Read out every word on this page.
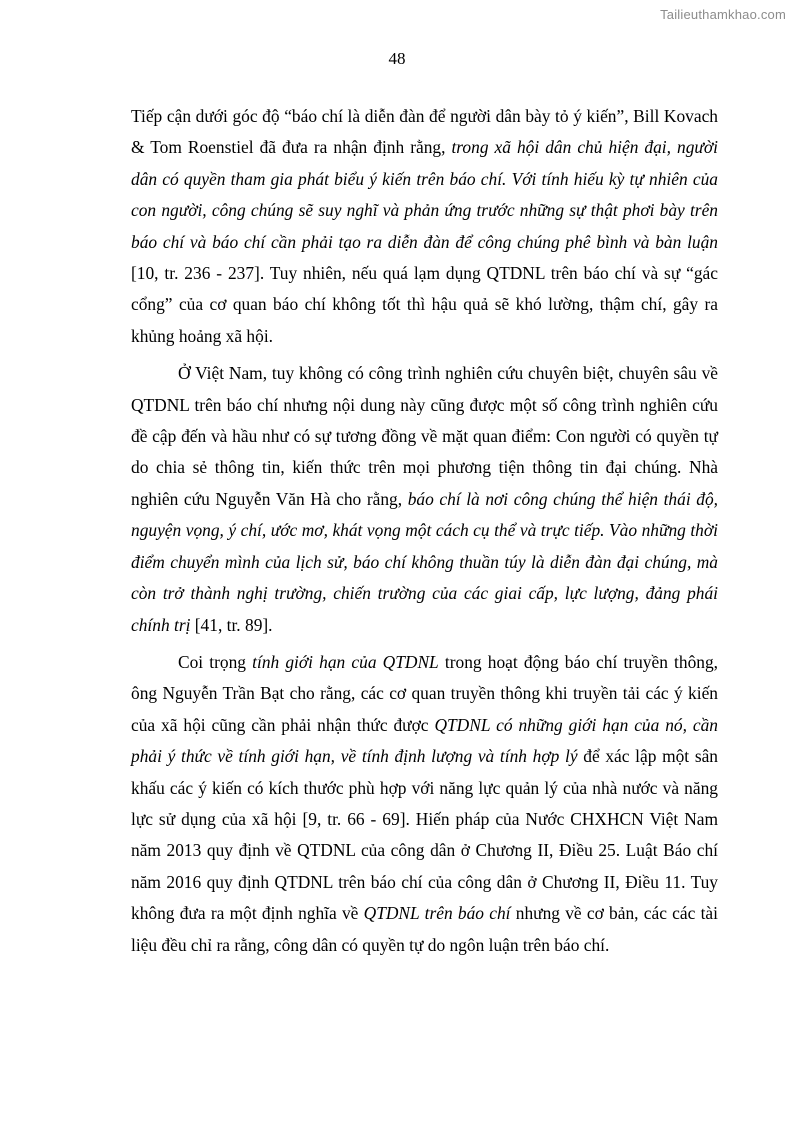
Tailieuthamkhao.com
48

Tiếp cận dưới góc độ “báo chí là diễn đàn để người dân bày tỏ ý kiến”, Bill Kovach & Tom Roenstiel đã đưa ra nhận định rằng, trong xã hội dân chủ hiện đại, người dân có quyền tham gia phát biểu ý kiến trên báo chí. Với tính hiếu kỳ tự nhiên của con người, công chúng sẽ suy nghĩ và phản ứng trước những sự thật phơi bày trên báo chí và báo chí cần phải tạo ra diễn đàn để công chúng phê bình và bàn luận [10, tr. 236 - 237]. Tuy nhiên, nếu quá lạm dụng QTDNL trên báo chí và sự “gác cổng” của cơ quan báo chí không tốt thì hậu quả sẽ khó lường, thậm chí, gây ra khủng hoảng xã hội.

Ở Việt Nam, tuy không có công trình nghiên cứu chuyên biệt, chuyên sâu về QTDNL trên báo chí nhưng nội dung này cũng được một số công trình nghiên cứu đề cập đến và hầu như có sự tương đồng về mặt quan điểm: Con người có quyền tự do chia sẻ thông tin, kiến thức trên mọi phương tiện thông tin đại chúng. Nhà nghiên cứu Nguyễn Văn Hà cho rằng, báo chí là nơi công chúng thể hiện thái độ, nguyện vọng, ý chí, ước mơ, khát vọng một cách cụ thể và trực tiếp. Vào những thời điểm chuyển mình của lịch sử, báo chí không thuần túy là diễn đàn đại chúng, mà còn trở thành nghị trường, chiến trường của các giai cấp, lực lượng, đảng phái chính trị [41, tr. 89].

Coi trọng tính giới hạn của QTDNL trong hoạt động báo chí truyền thông, ông Nguyễn Trần Bạt cho rằng, các cơ quan truyền thông khi truyền tải các ý kiến của xã hội cũng cần phải nhận thức được QTDNL có những giới hạn của nó, cần phải ý thức về tính giới hạn, về tính định lượng và tính hợp lý để xác lập một sân khấu các ý kiến có kích thước phù hợp với năng lực quản lý của nhà nước và năng lực sử dụng của xã hội [9, tr. 66 - 69]. Hiến pháp của Nước CHXHCN Việt Nam năm 2013 quy định về QTDNL của công dân ở Chương II, Điều 25. Luật Báo chí năm 2016 quy định QTDNL trên báo chí của công dân ở Chương II, Điều 11. Tuy không đưa ra một định nghĩa về QTDNL trên báo chí nhưng về cơ bản, các các tài liệu đều chỉ ra rằng, công dân có quyền tự do ngôn luận trên báo chí.
